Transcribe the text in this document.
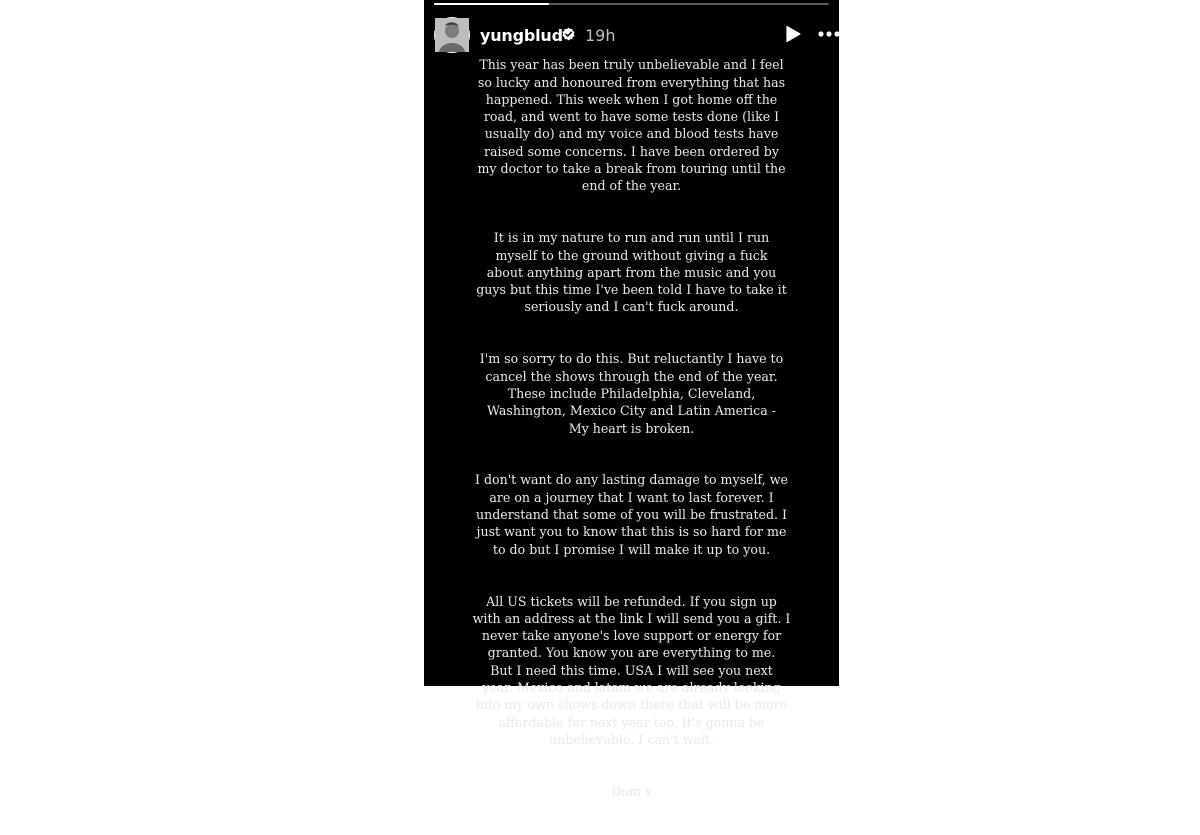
yungblud 19h

This year has been truly unbelievable and I feel
so lucky and honoured from everything that has
happened. This week when I got home off the
road, and went to have some tests done (like I
usually do) and my voice and blood tests have
raised some concerns. I have been ordered by
my doctor to take a break from touring until the
end of the year.

It is in my nature to run and run until I run
myself to the ground without giving a fuck
about anything apart from the music and you
guys but this time I've been told I have to take it
seriously and I can't fuck around.

I'm so sorry to do this. But reluctantly I have to
cancel the shows through the end of the year.
These include Philadelphia, Cleveland,
Washington, Mexico City and Latin America -
My heart is broken.

I don't want do any lasting damage to myself, we
are on a journey that I want to last forever. I
understand that some of you will be frustrated. I
just want you to know that this is so hard for me
to do but I promise I will make it up to you.

All US tickets will be refunded. If you sign up
with an address at the link I will send you a gift. I
never take anyone's love support or energy for
granted. You know you are everything to me.
But I need this time. USA I will see you next
year. Mexico and latam we are already looking
into my own shows down there that will be more
affordable for next year too. It's gonna be
unbelievable. I can't wait.

Dom x
